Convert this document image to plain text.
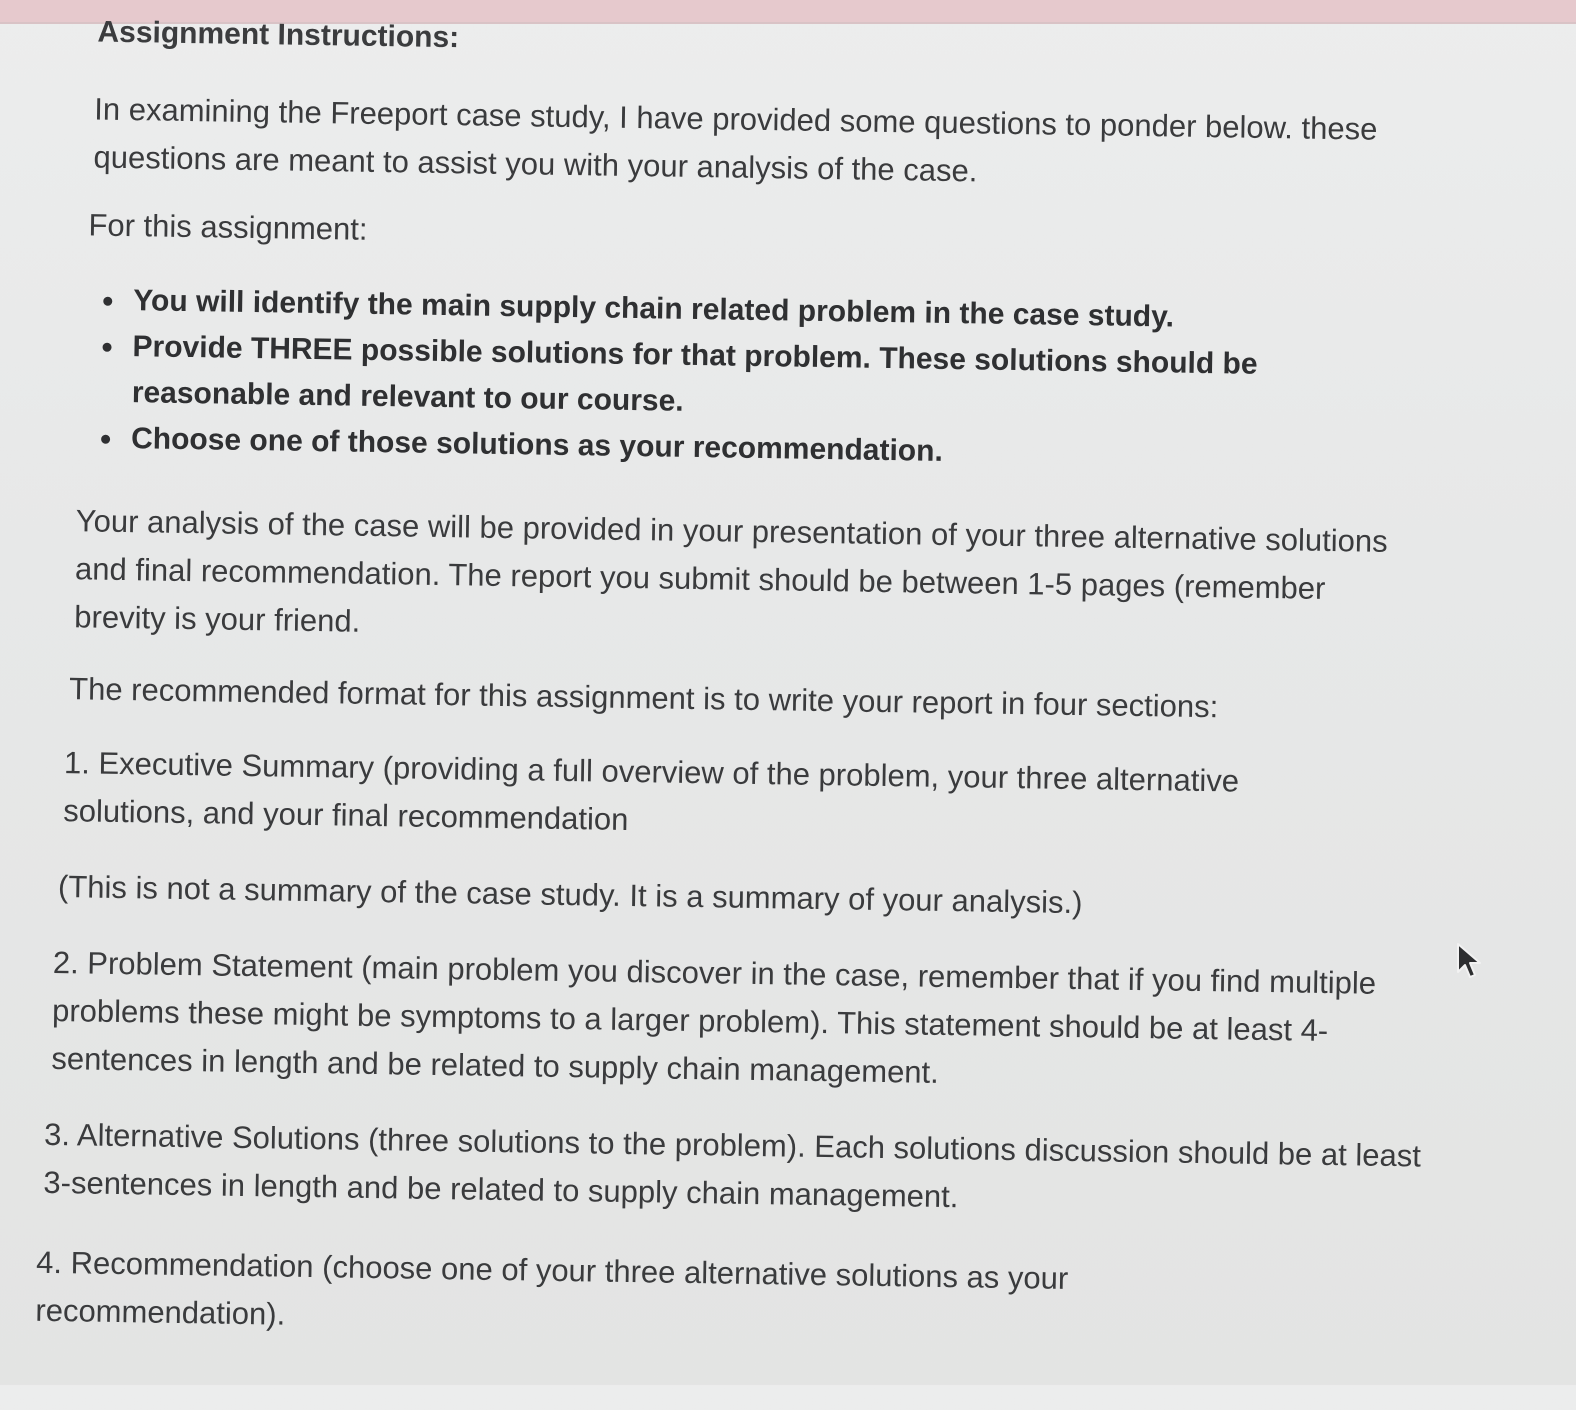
Assignment Instructions:

In examining the Freeport case study, I have provided some questions to ponder below. these questions are meant to assist you with your analysis of the case.

For this assignment:

You will identify the main supply chain related problem in the case study.
Provide THREE possible solutions for that problem. These solutions should be reasonable and relevant to our course.
Choose one of those solutions as your recommendation.

Your analysis of the case will be provided in your presentation of your three alternative solutions and final recommendation. The report you submit should be between 1-5 pages (remember brevity is your friend.

The recommended format for this assignment is to write your report in four sections:

1. Executive Summary (providing a full overview of the problem, your three alternative solutions, and your final recommendation

(This is not a summary of the case study. It is a summary of your analysis.)

2. Problem Statement (main problem you discover in the case, remember that if you find multiple problems these might be symptoms to a larger problem). This statement should be at least 4-sentences in length and be related to supply chain management.

3. Alternative Solutions (three solutions to the problem). Each solutions discussion should be at least 3-sentences in length and be related to supply chain management.

4. Recommendation (choose one of your three alternative solutions as your recommendation).
